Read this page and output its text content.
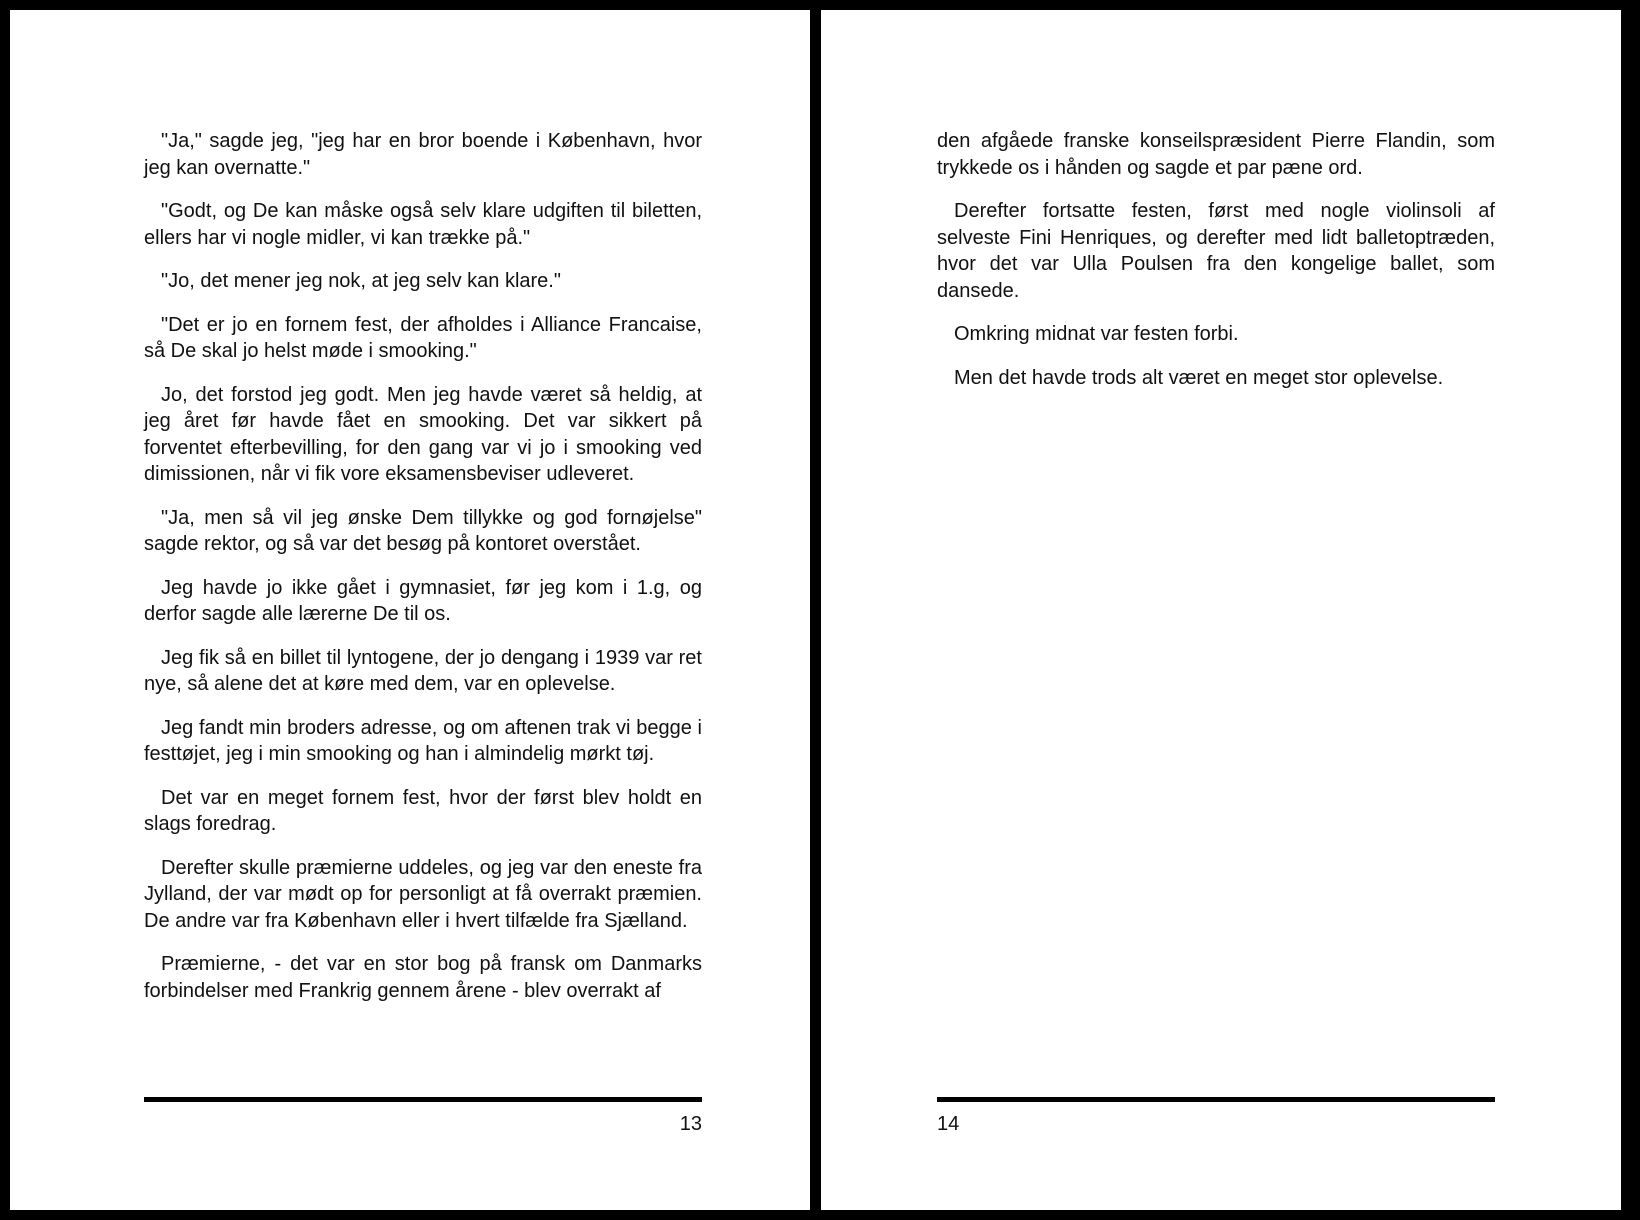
"Ja," sagde jeg, "jeg har en bror boende i København, hvor jeg kan overnatte."

"Godt, og De kan måske også selv klare udgiften til biletten, ellers har vi nogle midler, vi kan trække på."

"Jo, det mener jeg nok, at jeg selv kan klare."

"Det er jo en fornem fest, der afholdes i Alliance Francaise, så De skal jo helst møde i smooking."

Jo, det forstod jeg godt. Men jeg havde været så heldig, at jeg året før havde fået en smooking. Det var sikkert på forventet efterbevilling, for den gang var vi jo i smooking ved dimissionen, når vi fik vore eksamensbeviser udleveret.

"Ja, men så vil jeg ønske Dem tillykke og god fornøjelse" sagde rektor, og så var det besøg på kontoret overstået.

Jeg havde jo ikke gået i gymnasiet, før jeg kom i 1.g, og derfor sagde alle lærerne De til os.

Jeg fik så en billet til lyntogene, der jo dengang i 1939 var ret nye, så alene det at køre med dem, var en oplevelse.

Jeg fandt min broders adresse, og om aftenen trak vi begge i festtøjet, jeg i min smooking og han i almindelig mørkt tøj.

Det var en meget fornem fest, hvor der først blev holdt en slags foredrag.

Derefter skulle præmierne uddeles, og jeg var den eneste fra Jylland, der var mødt op for personligt at få overrakt præmien. De andre var fra København eller i hvert tilfælde fra Sjælland.

Præmierne, - det var en stor bog på fransk om Danmarks forbindelser med Frankrig gennem årene - blev overrakt af

13

den afgåede franske konseilspræsident Pierre Flandin, som trykkede os i hånden og sagde et par pæne ord.

Derefter fortsatte festen, først med nogle violinsoli af selveste Fini Henriques, og derefter med lidt balletoptræden, hvor det var Ulla Poulsen fra den kongelige ballet, som dansede.

Omkring midnat var festen forbi.

Men det havde trods alt været en meget stor oplevelse.

14
